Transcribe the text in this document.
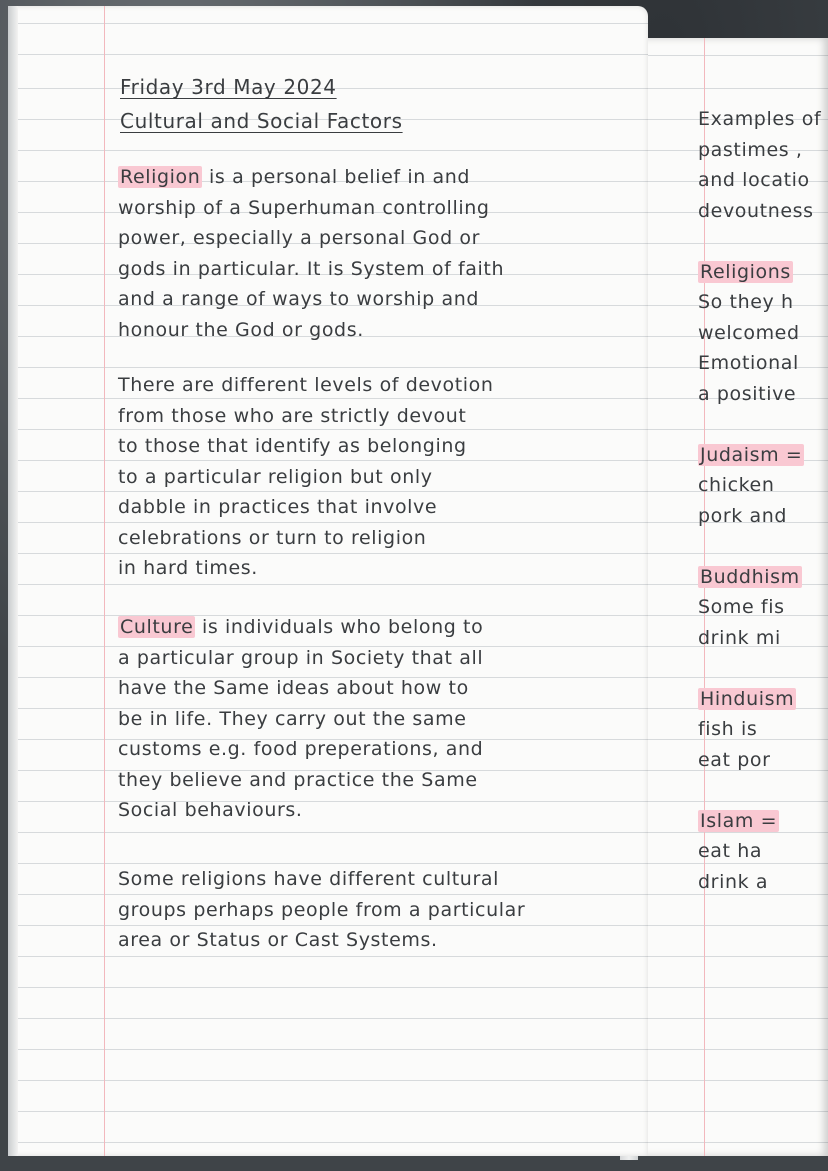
Examples of
pastimes ,
and locatio
devoutness

Religions
So they h
welcomed
Emotional
a positive

Judaism =
chicken
pork and

Buddhism
Some fis
drink mi

Hinduism
fish is
eat por

Islam =
eat ha
drink a
Friday 3rd May 2024
Cultural and Social Factors
Religion is a personal belief in and
worship of a Superhuman controlling
power, especially a personal God or
gods in particular. It is System of faith
and a range of ways to worship and
honour the God or gods.
There are different levels of devotion
from those who are strictly devout
to those that identify as belonging
to a particular religion but only
dabble in practices that involve
celebrations or turn to religion
in hard times.
Culture is individuals who belong to
a particular group in Society that all
have the Same ideas about how to
be in life. They carry out the same
customs e.g. food preperations, and
they believe and practice the Same
Social behaviours.
Some religions have different cultural
groups perhaps people from a particular
area or Status or Cast Systems.
